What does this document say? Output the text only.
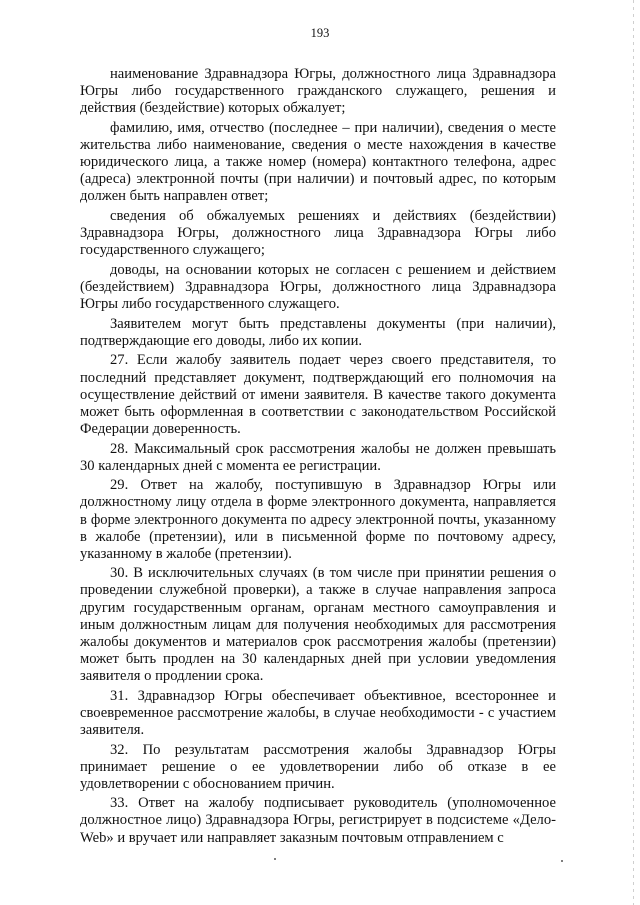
193

наименование Здравнадзора Югры, должностного лица Здравнадзора Югры либо государственного гражданского служащего, решения и действия (бездействие) которых обжалует;

фамилию, имя, отчество (последнее – при наличии), сведения о месте жительства либо наименование, сведения о месте нахождения в качестве юридического лица, а также номер (номера) контактного телефона, адрес (адреса) электронной почты (при наличии) и почтовый адрес, по которым должен быть направлен ответ;

сведения об обжалуемых решениях и действиях (бездействии) Здравнадзора Югры, должностного лица Здравнадзора Югры либо государственного служащего;

доводы, на основании которых не согласен с решением и действием (бездействием) Здравнадзора Югры, должностного лица Здравнадзора Югры либо государственного служащего.

Заявителем могут быть представлены документы (при наличии), подтверждающие его доводы, либо их копии.

27. Если жалобу заявитель подает через своего представителя, то последний представляет документ, подтверждающий его полномочия на осуществление действий от имени заявителя. В качестве такого документа может быть оформленная в соответствии с законодательством Российской Федерации доверенность.

28. Максимальный срок рассмотрения жалобы не должен превышать 30 календарных дней с момента ее регистрации.

29. Ответ на жалобу, поступившую в Здравнадзор Югры или должностному лицу отдела в форме электронного документа, направляется в форме электронного документа по адресу электронной почты, указанному в жалобе (претензии), или в письменной форме по почтовому адресу, указанному в жалобе (претензии).

30. В исключительных случаях (в том числе при принятии решения о проведении служебной проверки), а также в случае направления запроса другим государственным органам, органам местного самоуправления и иным должностным лицам для получения необходимых для рассмотрения жалобы документов и материалов срок рассмотрения жалобы (претензии) может быть продлен на 30 календарных дней при условии уведомления заявителя о продлении срока.

31. Здравнадзор Югры обеспечивает объективное, всестороннее и своевременное рассмотрение жалобы, в случае необходимости - с участием заявителя.

32. По результатам рассмотрения жалобы Здравнадзор Югры принимает решение о ее удовлетворении либо об отказе в ее удовлетворении с обоснованием причин.

33. Ответ на жалобу подписывает руководитель (уполномоченное должностное лицо) Здравнадзора Югры, регистрирует в подсистеме «Дело-Web» и вручает или направляет заказным почтовым отправлением с
